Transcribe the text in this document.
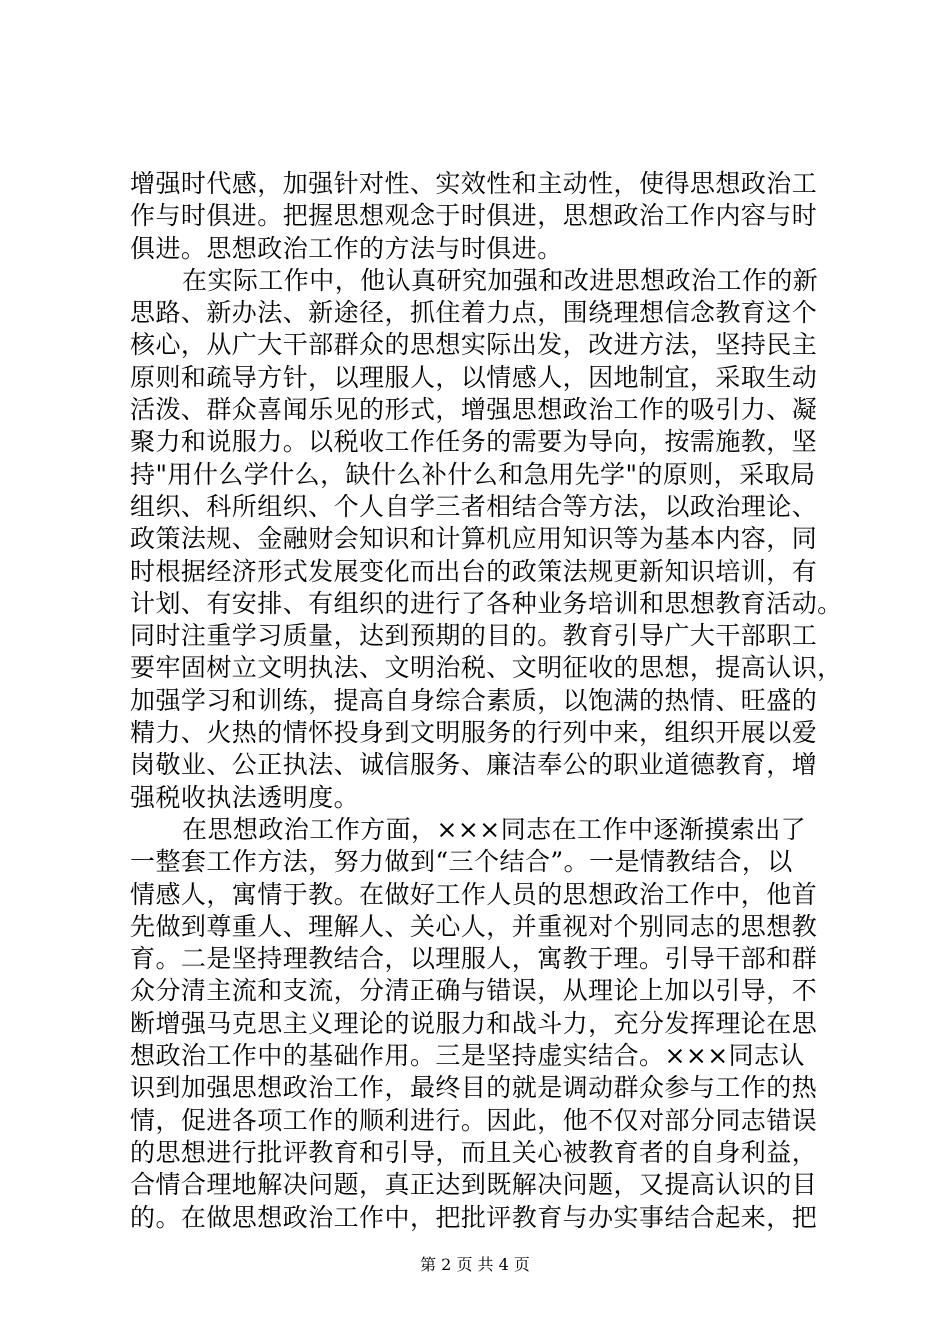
增强时代感，加强针对性、实效性和主动性，使得思想政治工
作与时俱进。把握思想观念于时俱进，思想政治工作内容与时
俱进。思想政治工作的方法与时俱进。
在实际工作中，他认真研究加强和改进思想政治工作的新
思路、新办法、新途径，抓住着力点，围绕理想信念教育这个
核心，从广大干部群众的思想实际出发，改进方法，坚持民主
原则和疏导方针，以理服人，以情感人，因地制宜，采取生动
活泼、群众喜闻乐见的形式，增强思想政治工作的吸引力、凝
聚力和说服力。以税收工作任务的需要为导向，按需施教，坚
持"用什么学什么，缺什么补什么和急用先学"的原则，采取局
组织、科所组织、个人自学三者相结合等方法，以政治理论、
政策法规、金融财会知识和计算机应用知识等为基本内容，同
时根据经济形式发展变化而出台的政策法规更新知识培训，有
计划、有安排、有组织的进行了各种业务培训和思想教育活动。
同时注重学习质量，达到预期的目的。教育引导广大干部职工
要牢固树立文明执法、文明治税、文明征收的思想，提高认识，
加强学习和训练，提高自身综合素质，以饱满的热情、旺盛的
精力、火热的情怀投身到文明服务的行列中来，组织开展以爱
岗敬业、公正执法、诚信服务、廉洁奉公的职业道德教育，增
强税收执法透明度。
在思想政治工作方面，×××同志在工作中逐渐摸索出了
一整套工作方法，努力做到“三个结合”。一是情教结合，以
情感人，寓情于教。在做好工作人员的思想政治工作中，他首
先做到尊重人、理解人、关心人，并重视对个别同志的思想教
育。二是坚持理教结合，以理服人，寓教于理。引导干部和群
众分清主流和支流，分清正确与错误，从理论上加以引导，不
断增强马克思主义理论的说服力和战斗力，充分发挥理论在思
想政治工作中的基础作用。三是坚持虚实结合。×××同志认
识到加强思想政治工作，最终目的就是调动群众参与工作的热
情，促进各项工作的顺利进行。因此，他不仅对部分同志错误
的思想进行批评教育和引导，而且关心被教育者的自身利益，
合情合理地解决问题，真正达到既解决问题，又提高认识的目
的。在做思想政治工作中，把批评教育与办实事结合起来，把
第 2 页 共 4 页
